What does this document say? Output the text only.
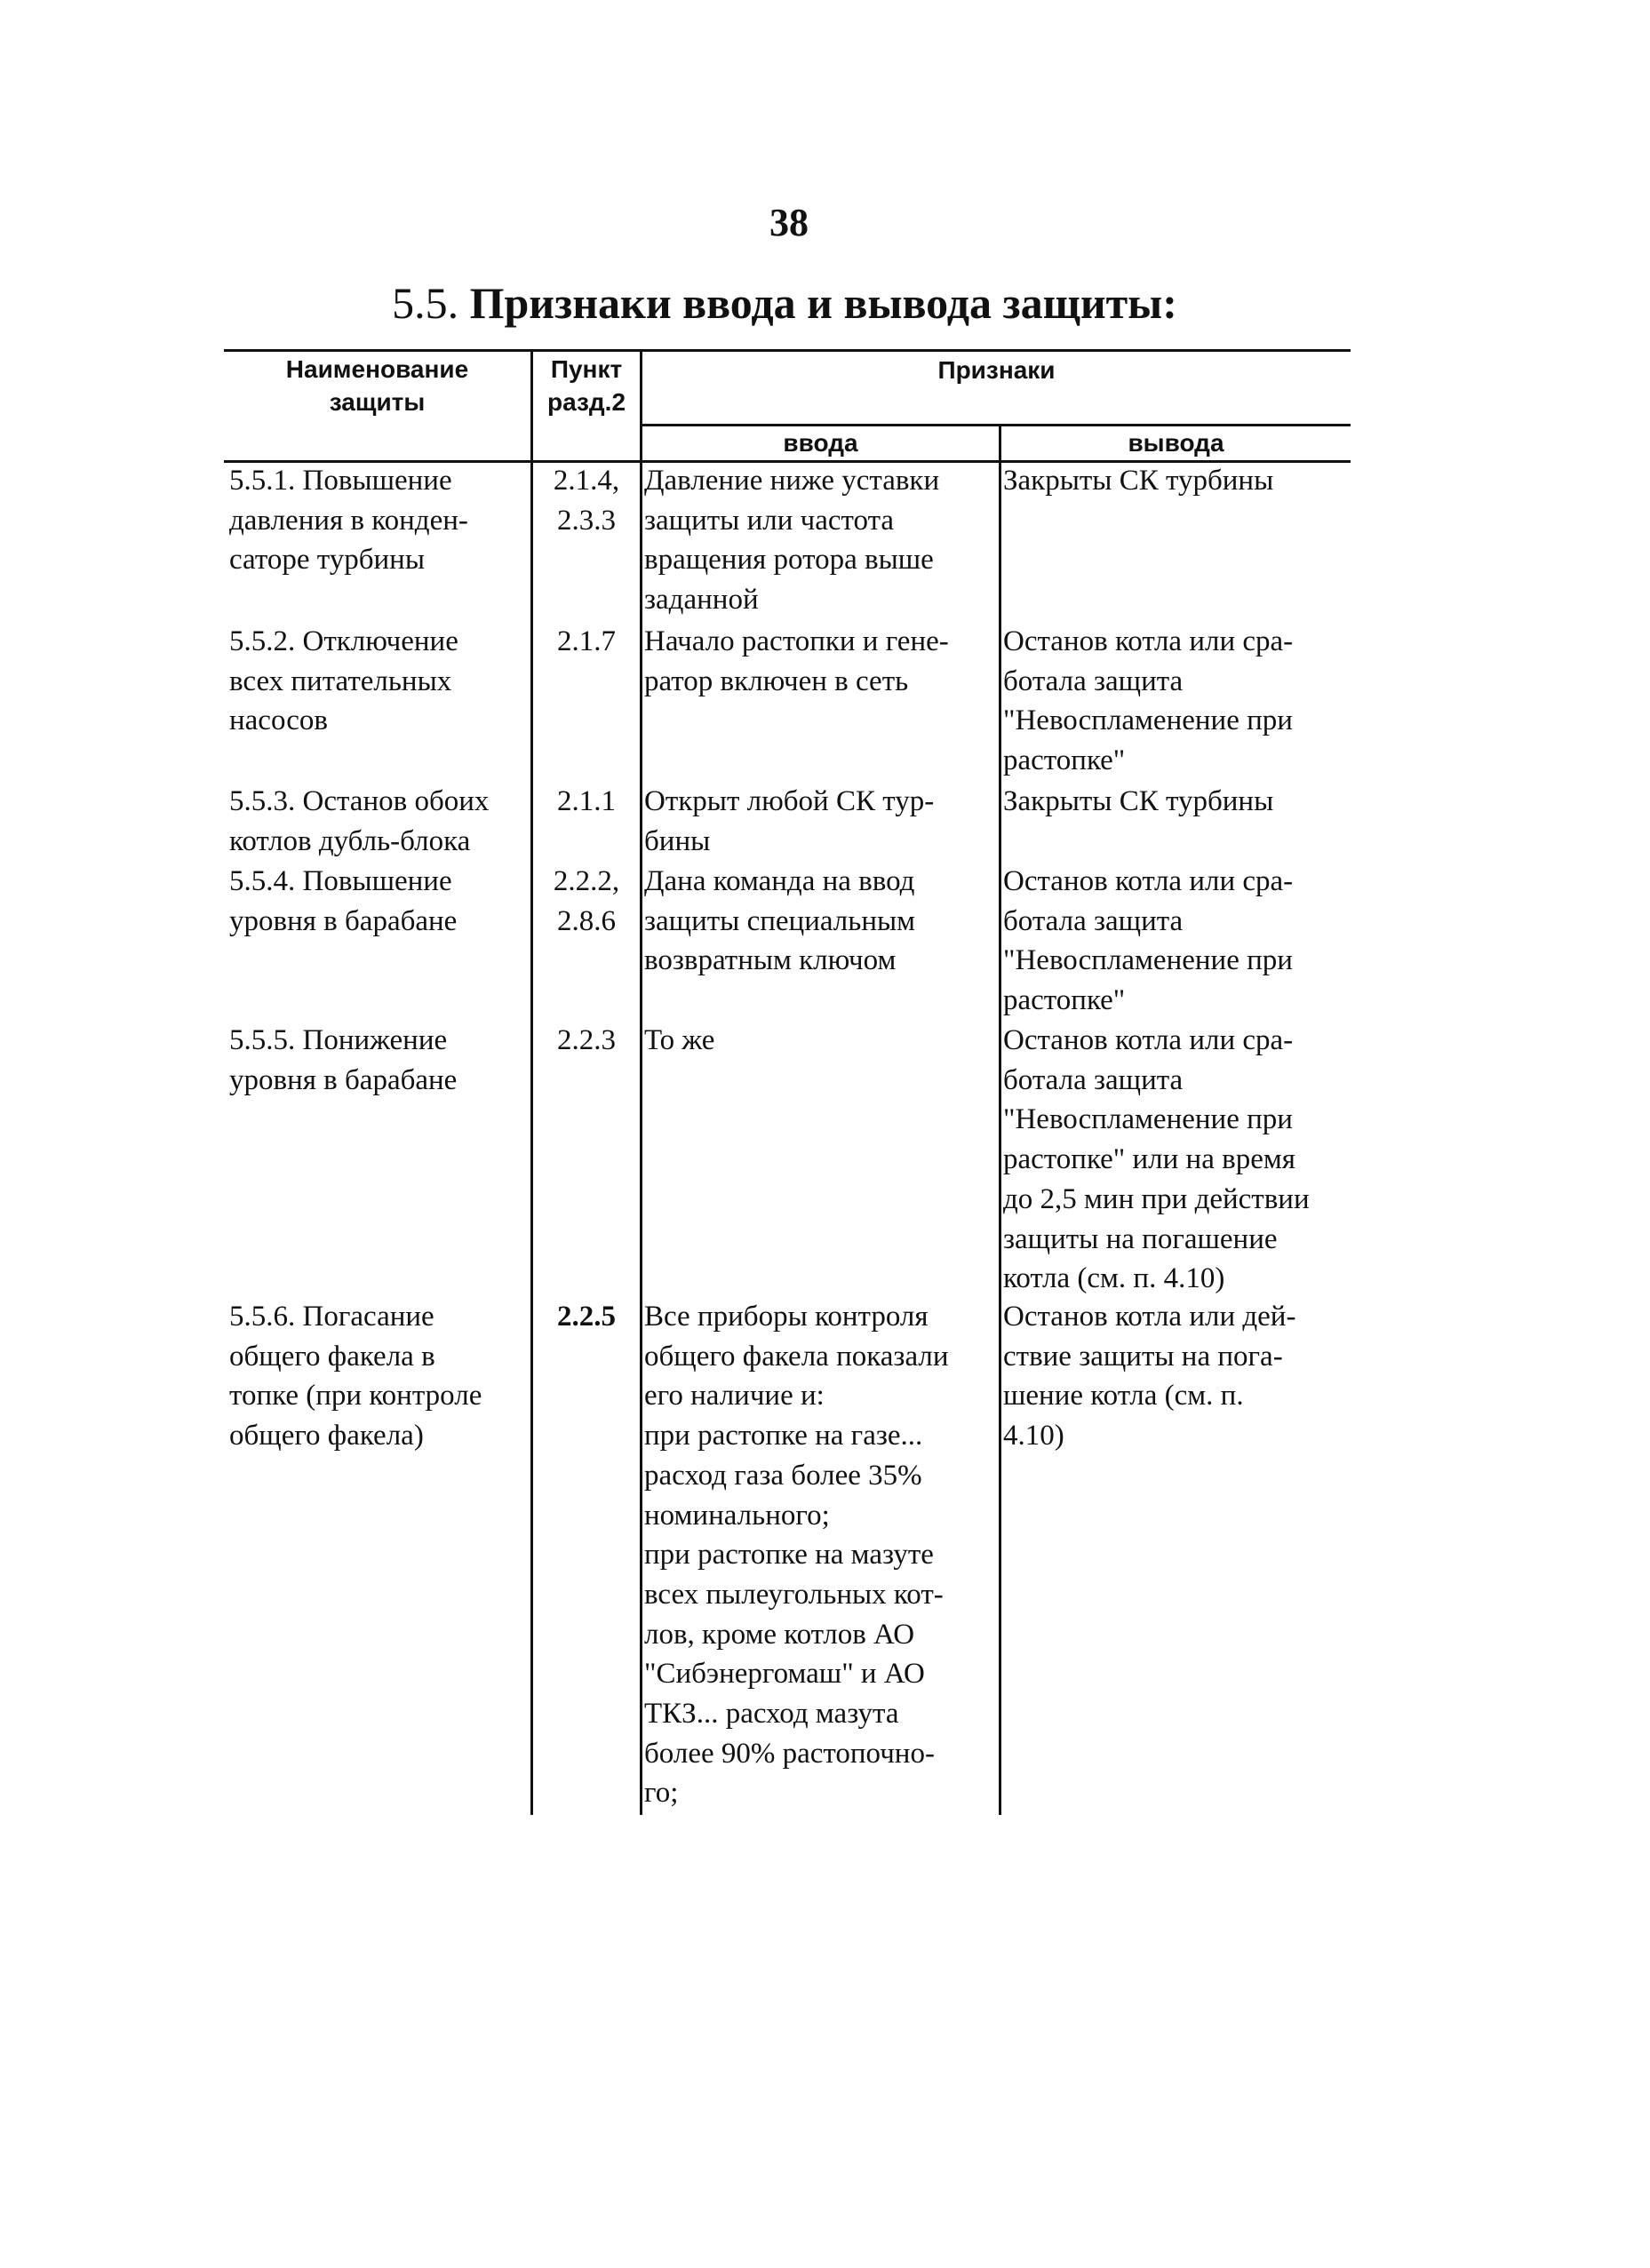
38
5.5. Признаки ввода и вывода защиты:
Наименование
защиты
Пункт
разд.2
Признаки
ввода	вывода
5.5.1. Повышение
давления в конден-
саторе турбины
2.1.4,
2.3.3
Давление ниже уставки
защиты или частота
вращения ротора выше
заданной
Закрыты СК турбины
5.5.2. Отключение
всех питательных
насосов
2.1.7 Начало растопки и гене-
ратор включен в сеть
Останов котла или сра-
ботала защита
"Невоспламенение при
растопке"
5.5.3. Останов обоих
котлов дубль-блока
2.1.1 Открыт любой СК тур-
бины
Закрыты СК турбины
5.5.4. Повышение
уровня в барабане
2.2.2,
2.8.6
Дана команда на ввод
защиты специальным
возвратным ключом
Останов котла или сра-
ботала защита
"Невоспламенение при
растопке"
5.5.5. Понижение
уровня в барабане
2.2.3 То же	Останов котла или сра-
ботала защита
"Невоспламенение при
растопке" или на время
до 2,5 мин при действии
защиты на погашение
котла (см. п. 4.10)
5.5.6. Погасание
общего факела в
топке (при контроле
общего факела)
2.2.5 Все приборы контроля
общего факела показали
его наличие и:
при растопке на газе...
расход газа более 35%
номинального;
при растопке на мазуте
всех пылеугольных кот-
лов, кроме котлов АО
"Сибэнергомаш" и АО
ТКЗ... расход мазута
более 90% растопочно-
го;
Останов котла или дей-
ствие защиты на пога-
шение котла (см. п.
4.10)
